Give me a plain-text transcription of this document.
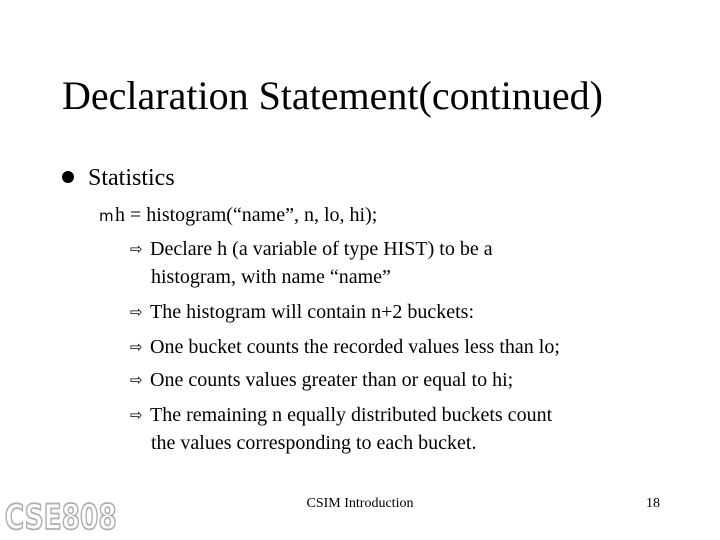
Declaration Statement(continued)
Statistics
mh = histogram(“name”, n, lo, hi);
⇨ Declare h (a variable of type HIST) to be a
histogram, with name “name”
⇨ The histogram will contain n+2 buckets:
⇨ One bucket counts the recorded values less than lo;
⇨ One counts values greater than or equal to hi;
⇨ The remaining n equally distributed buckets count
the values corresponding to each bucket.
CSE808	CSIM Introduction	18
